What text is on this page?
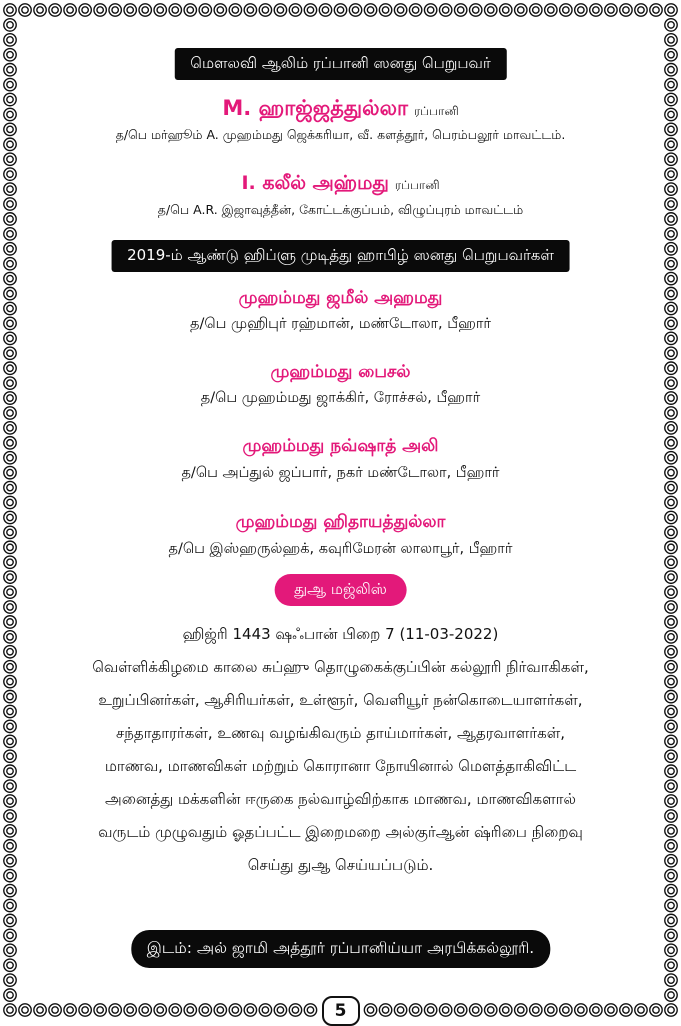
மௌலவி ஆலிம் ரப்பானி ஸனது பெறுபவர்
M. ஹாஜ்ஜத்துல்லா ரப்பானி
த/பெ மர்ஹூம் A. முஹம்மது ஜெக்கரியா, வீ. களத்தூர், பெரம்பலூர் மாவட்டம்.
I. கலீல் அஹ்மது ரப்பானி
த/பெ A.R. இஜாவுத்தீன், கோட்டக்குப்பம், விழுப்புரம் மாவட்டம்
2019-ம் ஆண்டு ஹிப்ளு முடித்து ஹாபிழ் ஸனது பெறுபவர்கள்
முஹம்மது ஜமீல் அஹமது
த/பெ முஹிபுர் ரஹ்மான், மண்டோலா, பீஹார்
முஹம்மது பைசல்
த/பெ முஹம்மது ஜாக்கிர், ரோச்சல், பீஹார்
முஹம்மது நவ்ஷாத் அலி
த/பெ அப்துல் ஜப்பார், நகர் மண்டோலா, பீஹார்
முஹம்மது ஹிதாயத்துல்லா
த/பெ இஸ்ஹருல்ஹக், கவுரிமேரன் லாலாபூர், பீஹார்
துஆ மஜ்லிஸ்
ஹிஜ்ரி 1443 ஷஃபான் பிறை 7 (11-03-2022)
வெள்ளிக்கிழமை காலை சுப்ஹு தொழுகைக்குப்பின் கல்லூரி நிர்வாகிகள்,
உறுப்பினர்கள், ஆசிரியர்கள், உள்ளூர், வெளியூர் நன்கொடையாளர்கள்,
சந்தாதாரர்கள், உணவு வழங்கிவரும் தாய்மார்கள், ஆதரவாளர்கள்,
மாணவ, மாணவிகள் மற்றும் கொரானா நோயினால் மௌத்தாகிவிட்ட
அனைத்து மக்களின் ஈருகை நல்வாழ்விற்காக மாணவ, மாணவிகளால்
வருடம் முழுவதும் ஓதப்பட்ட இறைமறை அல்குர்ஆன் ஷ்ரிபை நிறைவு
செய்து துஆ செய்யப்படும்.
இடம்: அல் ஜாமி அத்தூர் ரப்பானிய்யா அரபிக்கல்லூரி.
5
